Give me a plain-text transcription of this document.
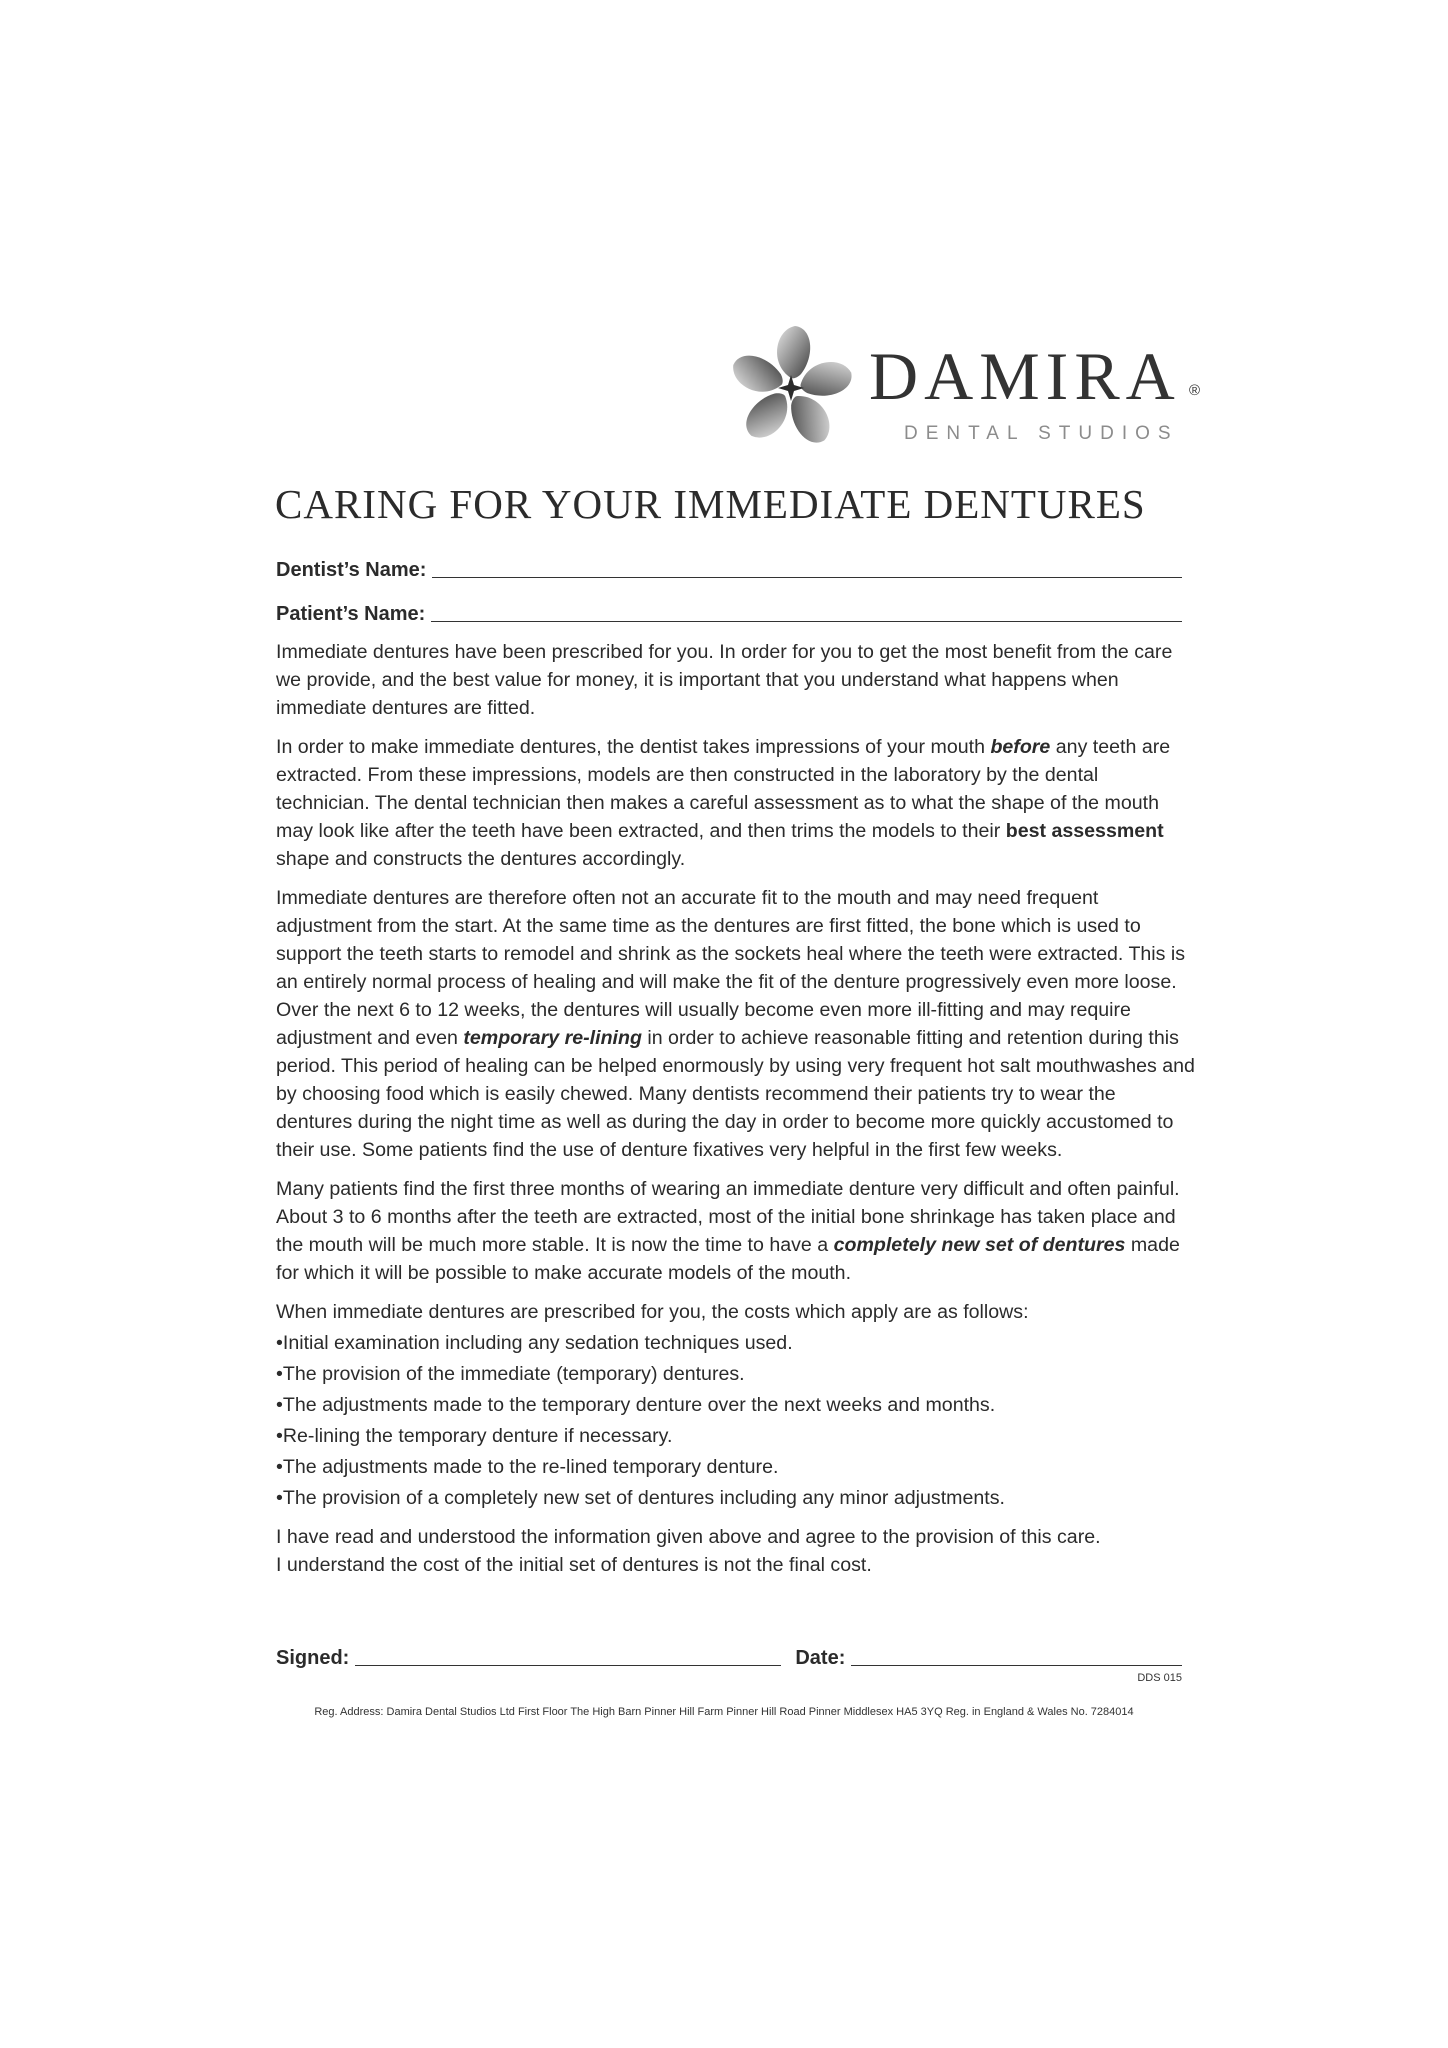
DAMIRA ®
DENTAL STUDIOS
CARING FOR YOUR IMMEDIATE DENTURES
Dentist’s Name:
Patient’s Name:

Immediate dentures have been prescribed for you. In order for you to get the most benefit from the care we provide, and the best value for money, it is important that you understand what happens when immediate dentures are fitted.

In order to make immediate dentures, the dentist takes impressions of your mouth before any teeth are extracted. From these impressions, models are then constructed in the laboratory by the dental technician. The dental technician then makes a careful assessment as to what the shape of the mouth may look like after the teeth have been extracted, and then trims the models to their best assessment shape and constructs the dentures accordingly.

Immediate dentures are therefore often not an accurate fit to the mouth and may need frequent adjustment from the start. At the same time as the dentures are first fitted, the bone which is used to support the teeth starts to remodel and shrink as the sockets heal where the teeth were extracted. This is an entirely normal process of healing and will make the fit of the denture progressively even more loose. Over the next 6 to 12 weeks, the dentures will usually become even more ill-fitting and may require adjustment and even temporary re-lining in order to achieve reasonable fitting and retention during this period. This period of healing can be helped enormously by using very frequent hot salt mouthwashes and by choosing food which is easily chewed. Many dentists recommend their patients try to wear the dentures during the night time as well as during the day in order to become more quickly accustomed to their use. Some patients find the use of denture fixatives very helpful in the first few weeks.

Many patients find the first three months of wearing an immediate denture very difficult and often painful. About 3 to 6 months after the teeth are extracted, most of the initial bone shrinkage has taken place and the mouth will be much more stable. It is now the time to have a completely new set of dentures made for which it will be possible to make accurate models of the mouth.

When immediate dentures are prescribed for you, the costs which apply are as follows:

• Initial examination including any sedation techniques used.
• The provision of the immediate (temporary) dentures.
• The adjustments made to the temporary denture over the next weeks and months.
• Re-lining the temporary denture if necessary.
• The adjustments made to the re-lined temporary denture.
• The provision of a completely new set of dentures including any minor adjustments.

I have read and understood the information given above and agree to the provision of this care.
I understand the cost of the initial set of dentures is not the final cost.

Signed:	Date:
DDS 015
Reg. Address: Damira Dental Studios Ltd First Floor The High Barn Pinner Hill Farm Pinner Hill Road Pinner Middlesex HA5 3YQ Reg. in England & Wales No. 7284014
